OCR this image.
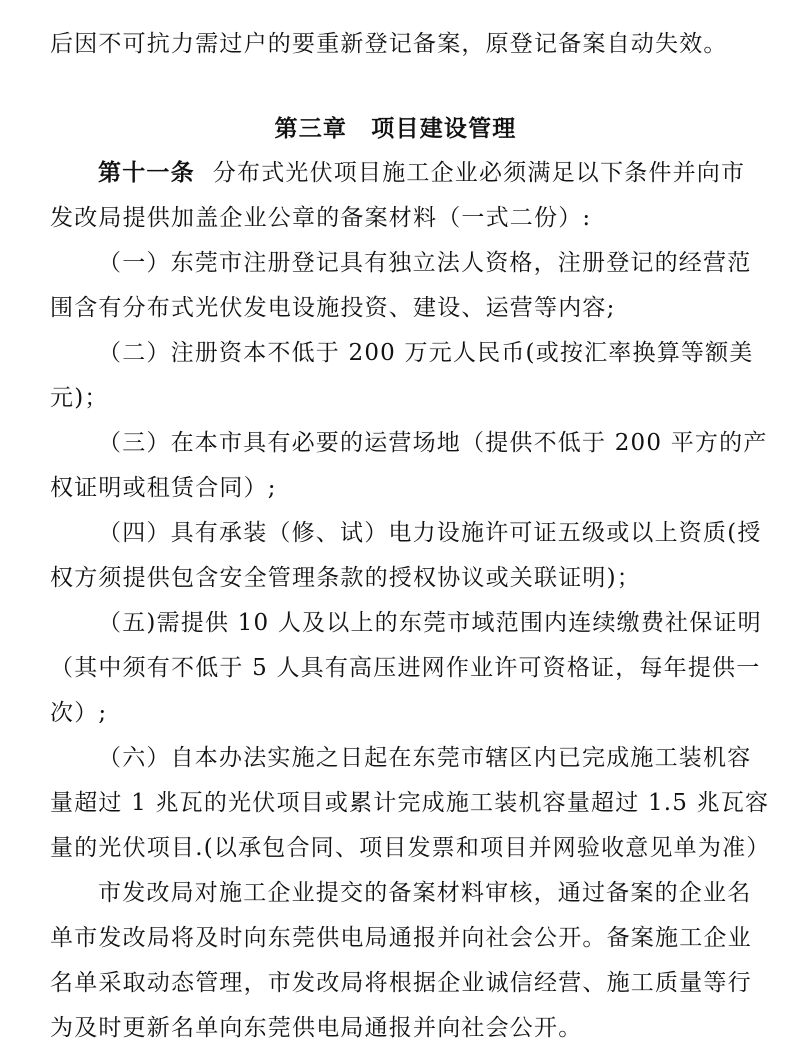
后因不可抗力需过户的要重新登记备案，原登记备案自动失效。
第三章　项目建设管理
第十一条 分布式光伏项目施工企业必须满足以下条件并向市
发改局提供加盖企业公章的备案材料（一式二份）:
（一）东莞市注册登记具有独立法人资格，注册登记的经营范
围含有分布式光伏发电设施投资、建设、运营等内容;
（二）注册资本不低于 200 万元人民币(或按汇率换算等额美
元)；
（三）在本市具有必要的运营场地（提供不低于 200 平方的产
权证明或租赁合同）;
（四）具有承装（修、试）电力设施许可证五级或以上资质(授
权方须提供包含安全管理条款的授权协议或关联证明)；
（五)需提供 10 人及以上的东莞市域范围内连续缴费社保证明
（其中须有不低于 5 人具有高压进网作业许可资格证，每年提供一
次）;
（六）自本办法实施之日起在东莞市辖区内已完成施工装机容
量超过 1 兆瓦的光伏项目或累计完成施工装机容量超过 1.5 兆瓦容
量的光伏项目.(以承包合同、项目发票和项目并网验收意见单为准）
市发改局对施工企业提交的备案材料审核，通过备案的企业名
单市发改局将及时向东莞供电局通报并向社会公开。备案施工企业
名单采取动态管理，市发改局将根据企业诚信经营、施工质量等行
为及时更新名单向东莞供电局通报并向社会公开。
